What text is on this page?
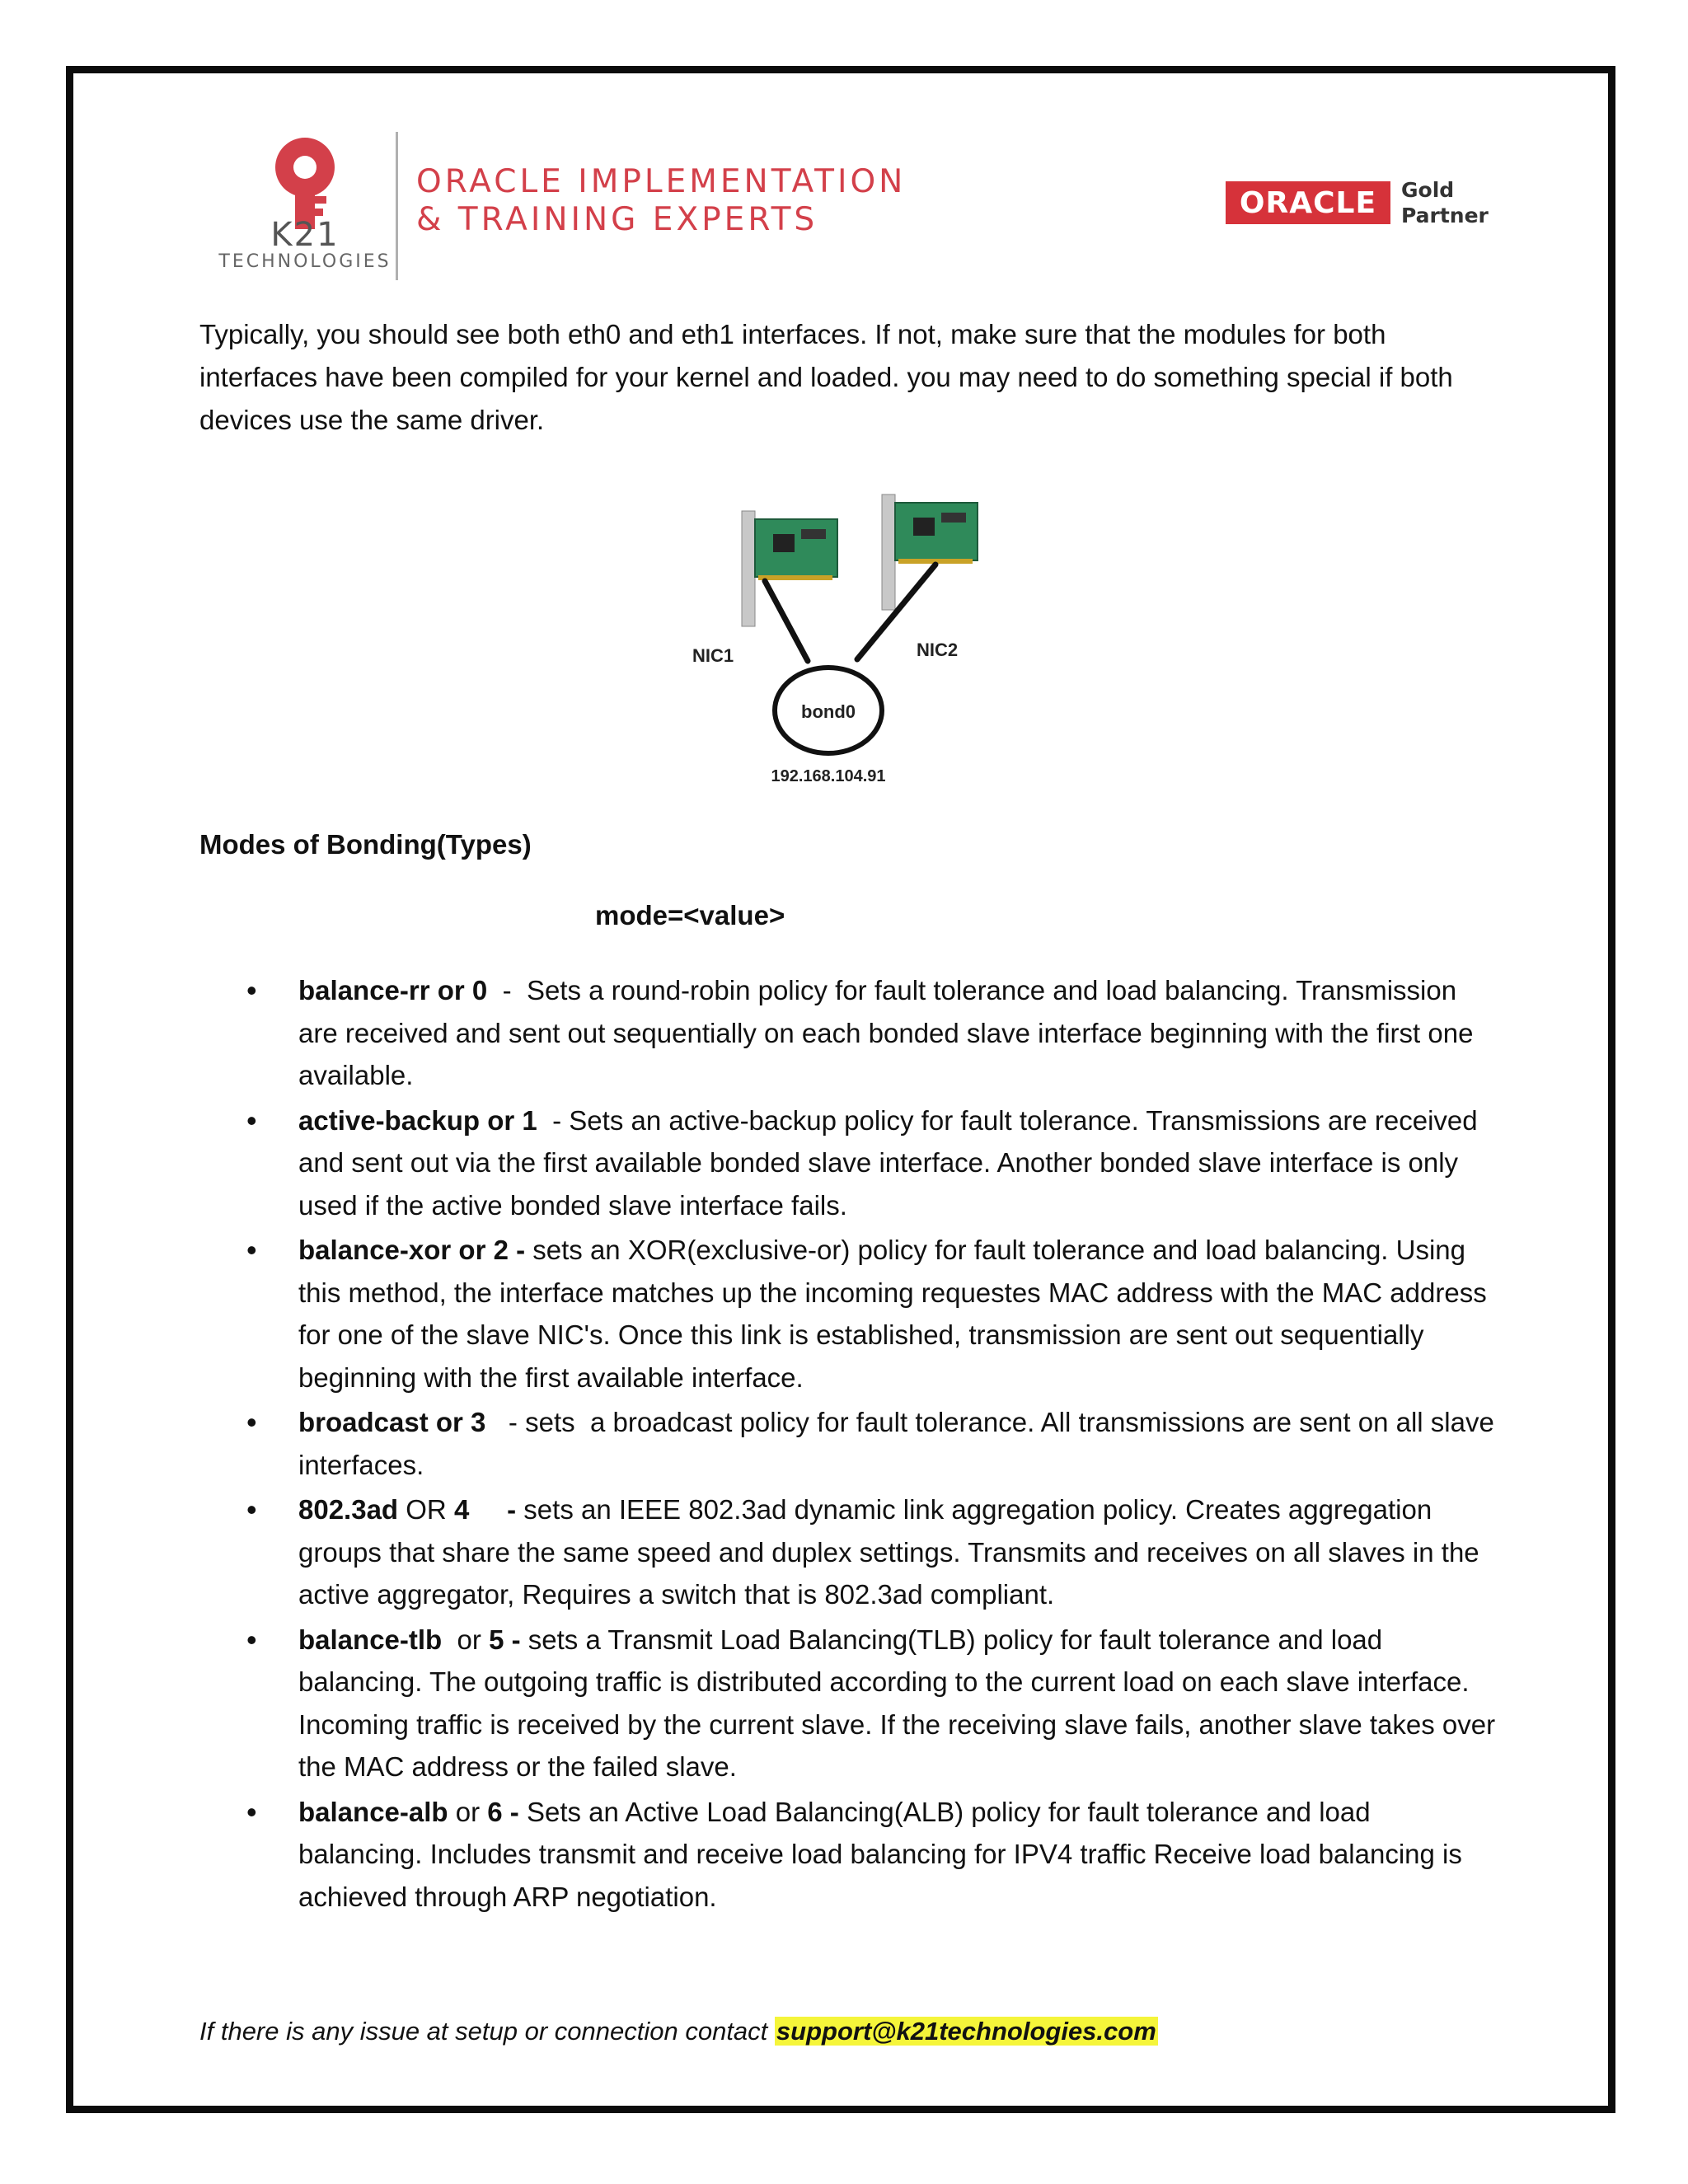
K21
TECHNOLOGIES
ORACLE IMPLEMENTATION
& TRAINING EXPERTS	ORACLE	Gold
Partner
Typically, you should see both eth0 and eth1 interfaces. If not, make sure that the modules for both interfaces have been compiled for your kernel and loaded. you may need to do something special if both devices use the same driver.
NIC1	NIC2
bond0
192.168.104.91
Modes of Bonding(Types)
mode=<value>
• balance-rr or 0  -  Sets a round-robin policy for fault tolerance and load balancing. Transmission are received and sent out sequentially on each bonded slave interface beginning with the first one available.
• active-backup or 1  - Sets an active-backup policy for fault tolerance. Transmissions are received and sent out via the first available bonded slave interface. Another bonded slave interface is only used if the active bonded slave interface fails.
• balance-xor or 2 - sets an XOR(exclusive-or) policy for fault tolerance and load balancing. Using this method, the interface matches up the incoming requestes MAC address with the MAC address for one of the slave NIC's. Once this link is established, transmission are sent out sequentially beginning with the first available interface.
• broadcast or 3   - sets  a broadcast policy for fault tolerance. All transmissions are sent on all slave interfaces.
• 802.3ad OR 4     - sets an IEEE 802.3ad dynamic link aggregation policy. Creates aggregation groups that share the same speed and duplex settings. Transmits and receives on all slaves in the active aggregator, Requires a switch that is 802.3ad compliant.
• balance-tlb  or 5 - sets a Transmit Load Balancing(TLB) policy for fault tolerance and load balancing. The outgoing traffic is distributed according to the current load on each slave interface. Incoming traffic is received by the current slave. If the receiving slave fails, another slave takes over the MAC address or the failed slave.
• balance-alb or 6 - Sets an Active Load Balancing(ALB) policy for fault tolerance and load balancing. Includes transmit and receive load balancing for IPV4 traffic Receive load balancing is achieved through ARP negotiation.
If there is any issue at setup or connection contact support@k21technologies.com
